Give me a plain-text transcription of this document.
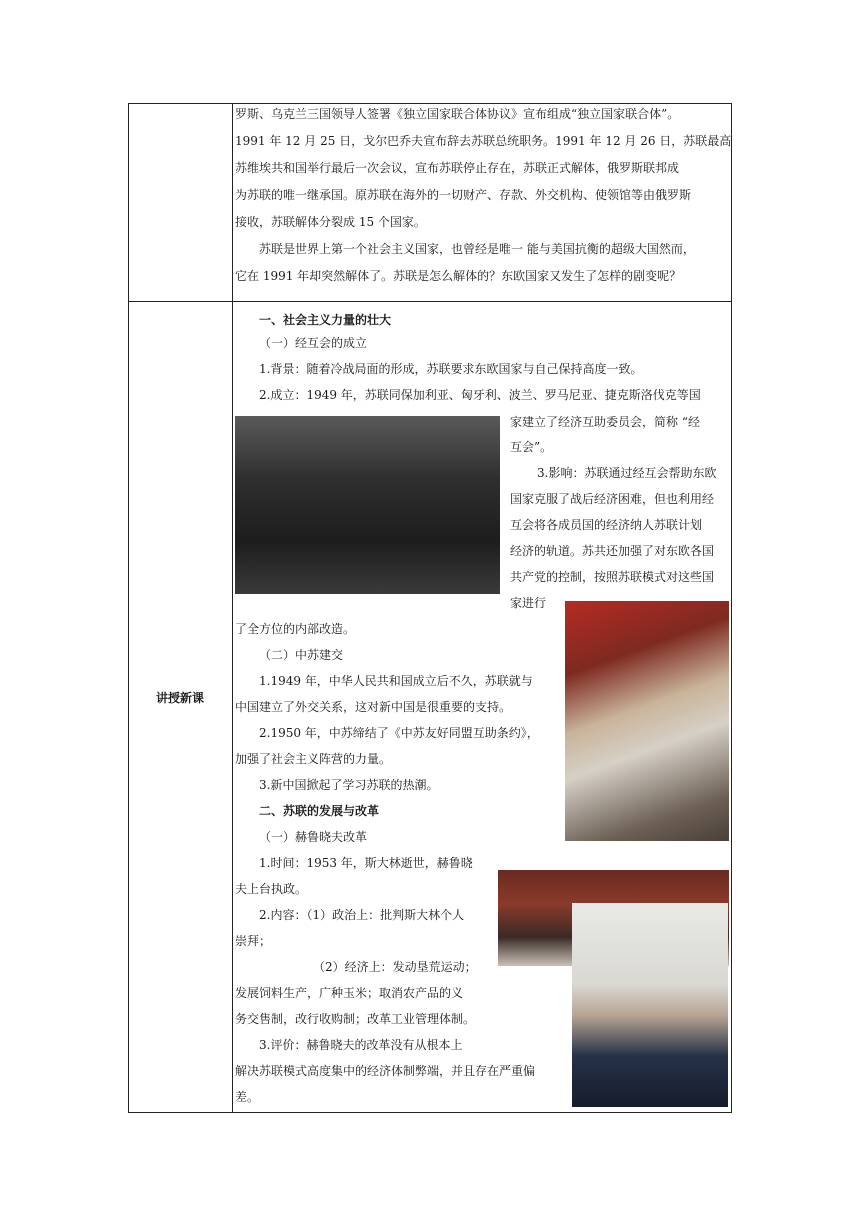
讲授新课
罗斯、乌克兰三国领导人签署《独立国家联合体协议》宣布组成“独立国家联合体”。
1991 年 12 月 25 日，戈尔巴乔夫宣布辞去苏联总统职务。1991 年 12 月 26 日，苏联最高
苏维埃共和国举行最后一次会议，宣布苏联停止存在，苏联正式解体，俄罗斯联邦成
为苏联的唯一继承国。原苏联在海外的一切财产、存款、外交机构、使领馆等由俄罗斯
接收，苏联解体分裂成 15 个国家。
苏联是世界上第一个社会主义国家，也曾经是唯一 能与美国抗衡的超级大国然而，
它在 1991 年却突然解体了。苏联是怎么解体的？东欧国家又发生了怎样的剧变呢？
一、社会主义力量的壮大
（一）经互会的成立
1.背景：随着冷战局面的形成，苏联要求东欧国家与自己保持高度一致。
2.成立：1949 年，苏联同保加利亚、匈牙利、波兰、罗马尼亚、捷克斯洛伐克等国
家建立了经济互助委员会，简称 “经
互会”。
3.影响：苏联通过经互会帮助东欧
国家克服了战后经济困难，但也利用经
互会将各成员国的经济纳人苏联计划
经济的轨道。苏共还加强了对东欧各国
共产党的控制，按照苏联模式对这些国
家进行
了全方位的内部改造。
（二）中苏建交
1.1949 年，中华人民共和国成立后不久，苏联就与
中国建立了外交关系，这对新中国是很重要的支持。
2.1950 年，中苏缔结了《中苏友好同盟互助条约》，
加强了社会主义阵营的力量。
3.新中国掀起了学习苏联的热潮。
二、苏联的发展与改革
（一）赫鲁晓夫改革
1.时间：1953 年，斯大林逝世，赫鲁晓
夫上台执政。
2.内容：（1）政治上：批判斯大林个人
崇拜；
（2）经济上：发动垦荒运动；
发展饲料生产，广种玉米；取消农产品的义
务交售制，改行收购制；改革工业管理体制。
3.评价：赫鲁晓夫的改革没有从根本上
解决苏联模式高度集中的经济体制弊端，并且存在严重偏
差。
